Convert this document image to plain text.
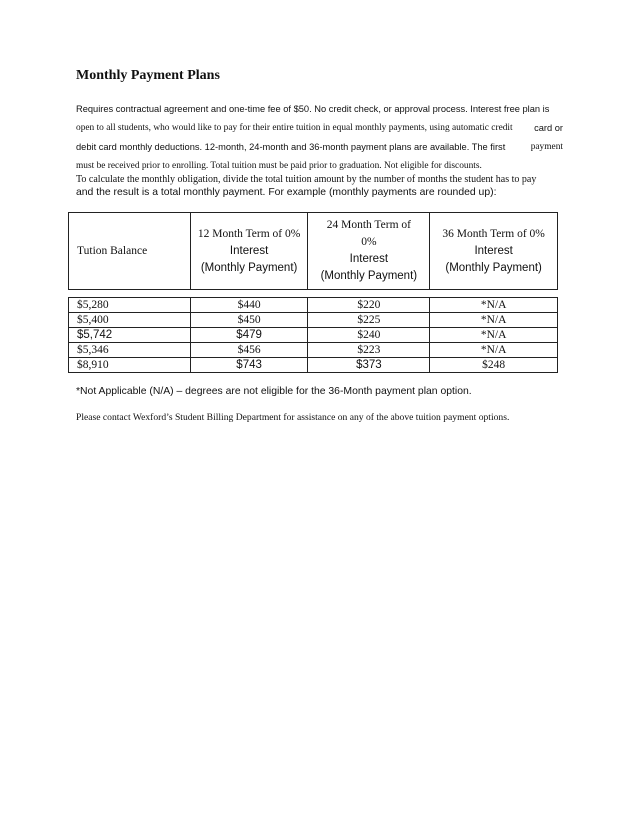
Monthly Payment Plans
Requires contractual agreement and one-time fee of $50. No credit check, or approval process. Interest free plan is
open to all students, who would like to pay for their entire tuition in equal monthly payments, using automatic credit card or
debit card monthly deductions. 12-month, 24-month and 36-month payment plans are available. The first	payment
must be received prior to enrolling. Total tuition must be paid prior to graduation. Not eligible for discounts.
To calculate the monthly obligation, divide the total tuition amount by the number of months the student has to pay
and the result is a total monthly payment. For example (monthly payments are rounded up):
Tution Balance	12 Month Term of 0%
Interest
(Monthly Payment)	24 Month Term of
0%
Interest
(Monthly Payment)	36 Month Term of 0%
Interest
(Monthly Payment)

$5,280	$440	$220	*N/A
$5,400	$450	$225	*N/A
$5,742	$479	$240	*N/A
$5,346	$456	$223	*N/A
$8,910	$743	$373	$248
*Not Applicable (N/A) – degrees are not eligible for the 36-Month payment plan option.
Please contact Wexford’s Student Billing Department for assistance on any of the above tuition payment options.
